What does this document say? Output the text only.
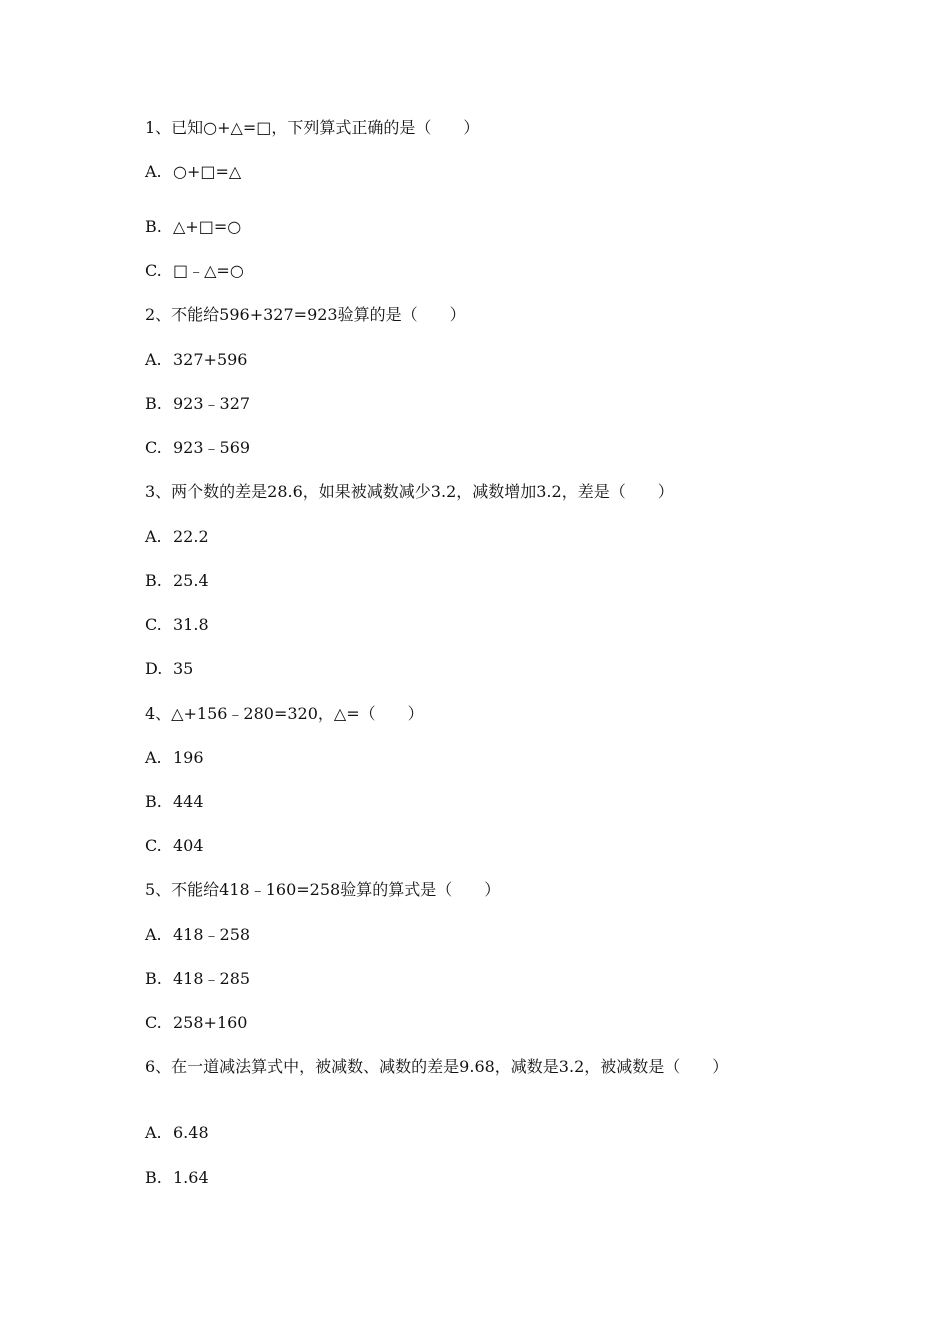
1、已知○+△=□，下列算式正确的是（　　）
A. ○+□=△
B. △+□=○
C. □﹣△=○
2、不能给596+327=923验算的是（　　）
A. 327+596
B. 923﹣327
C. 923﹣569
3、两个数的差是28.6，如果被减数减少3.2，减数增加3.2，差是（　　）
A. 22.2
B. 25.4
C. 31.8
D. 35
4、△+156﹣280=320，△=（　　）
A. 196
B. 444
C. 404
5、不能给418﹣160=258验算的算式是（　　）
A. 418﹣258
B. 418﹣285
C. 258+160
6、在一道减法算式中，被减数、减数的差是9.68，减数是3.2，被减数是（　　）
A. 6.48
B. 1.64
